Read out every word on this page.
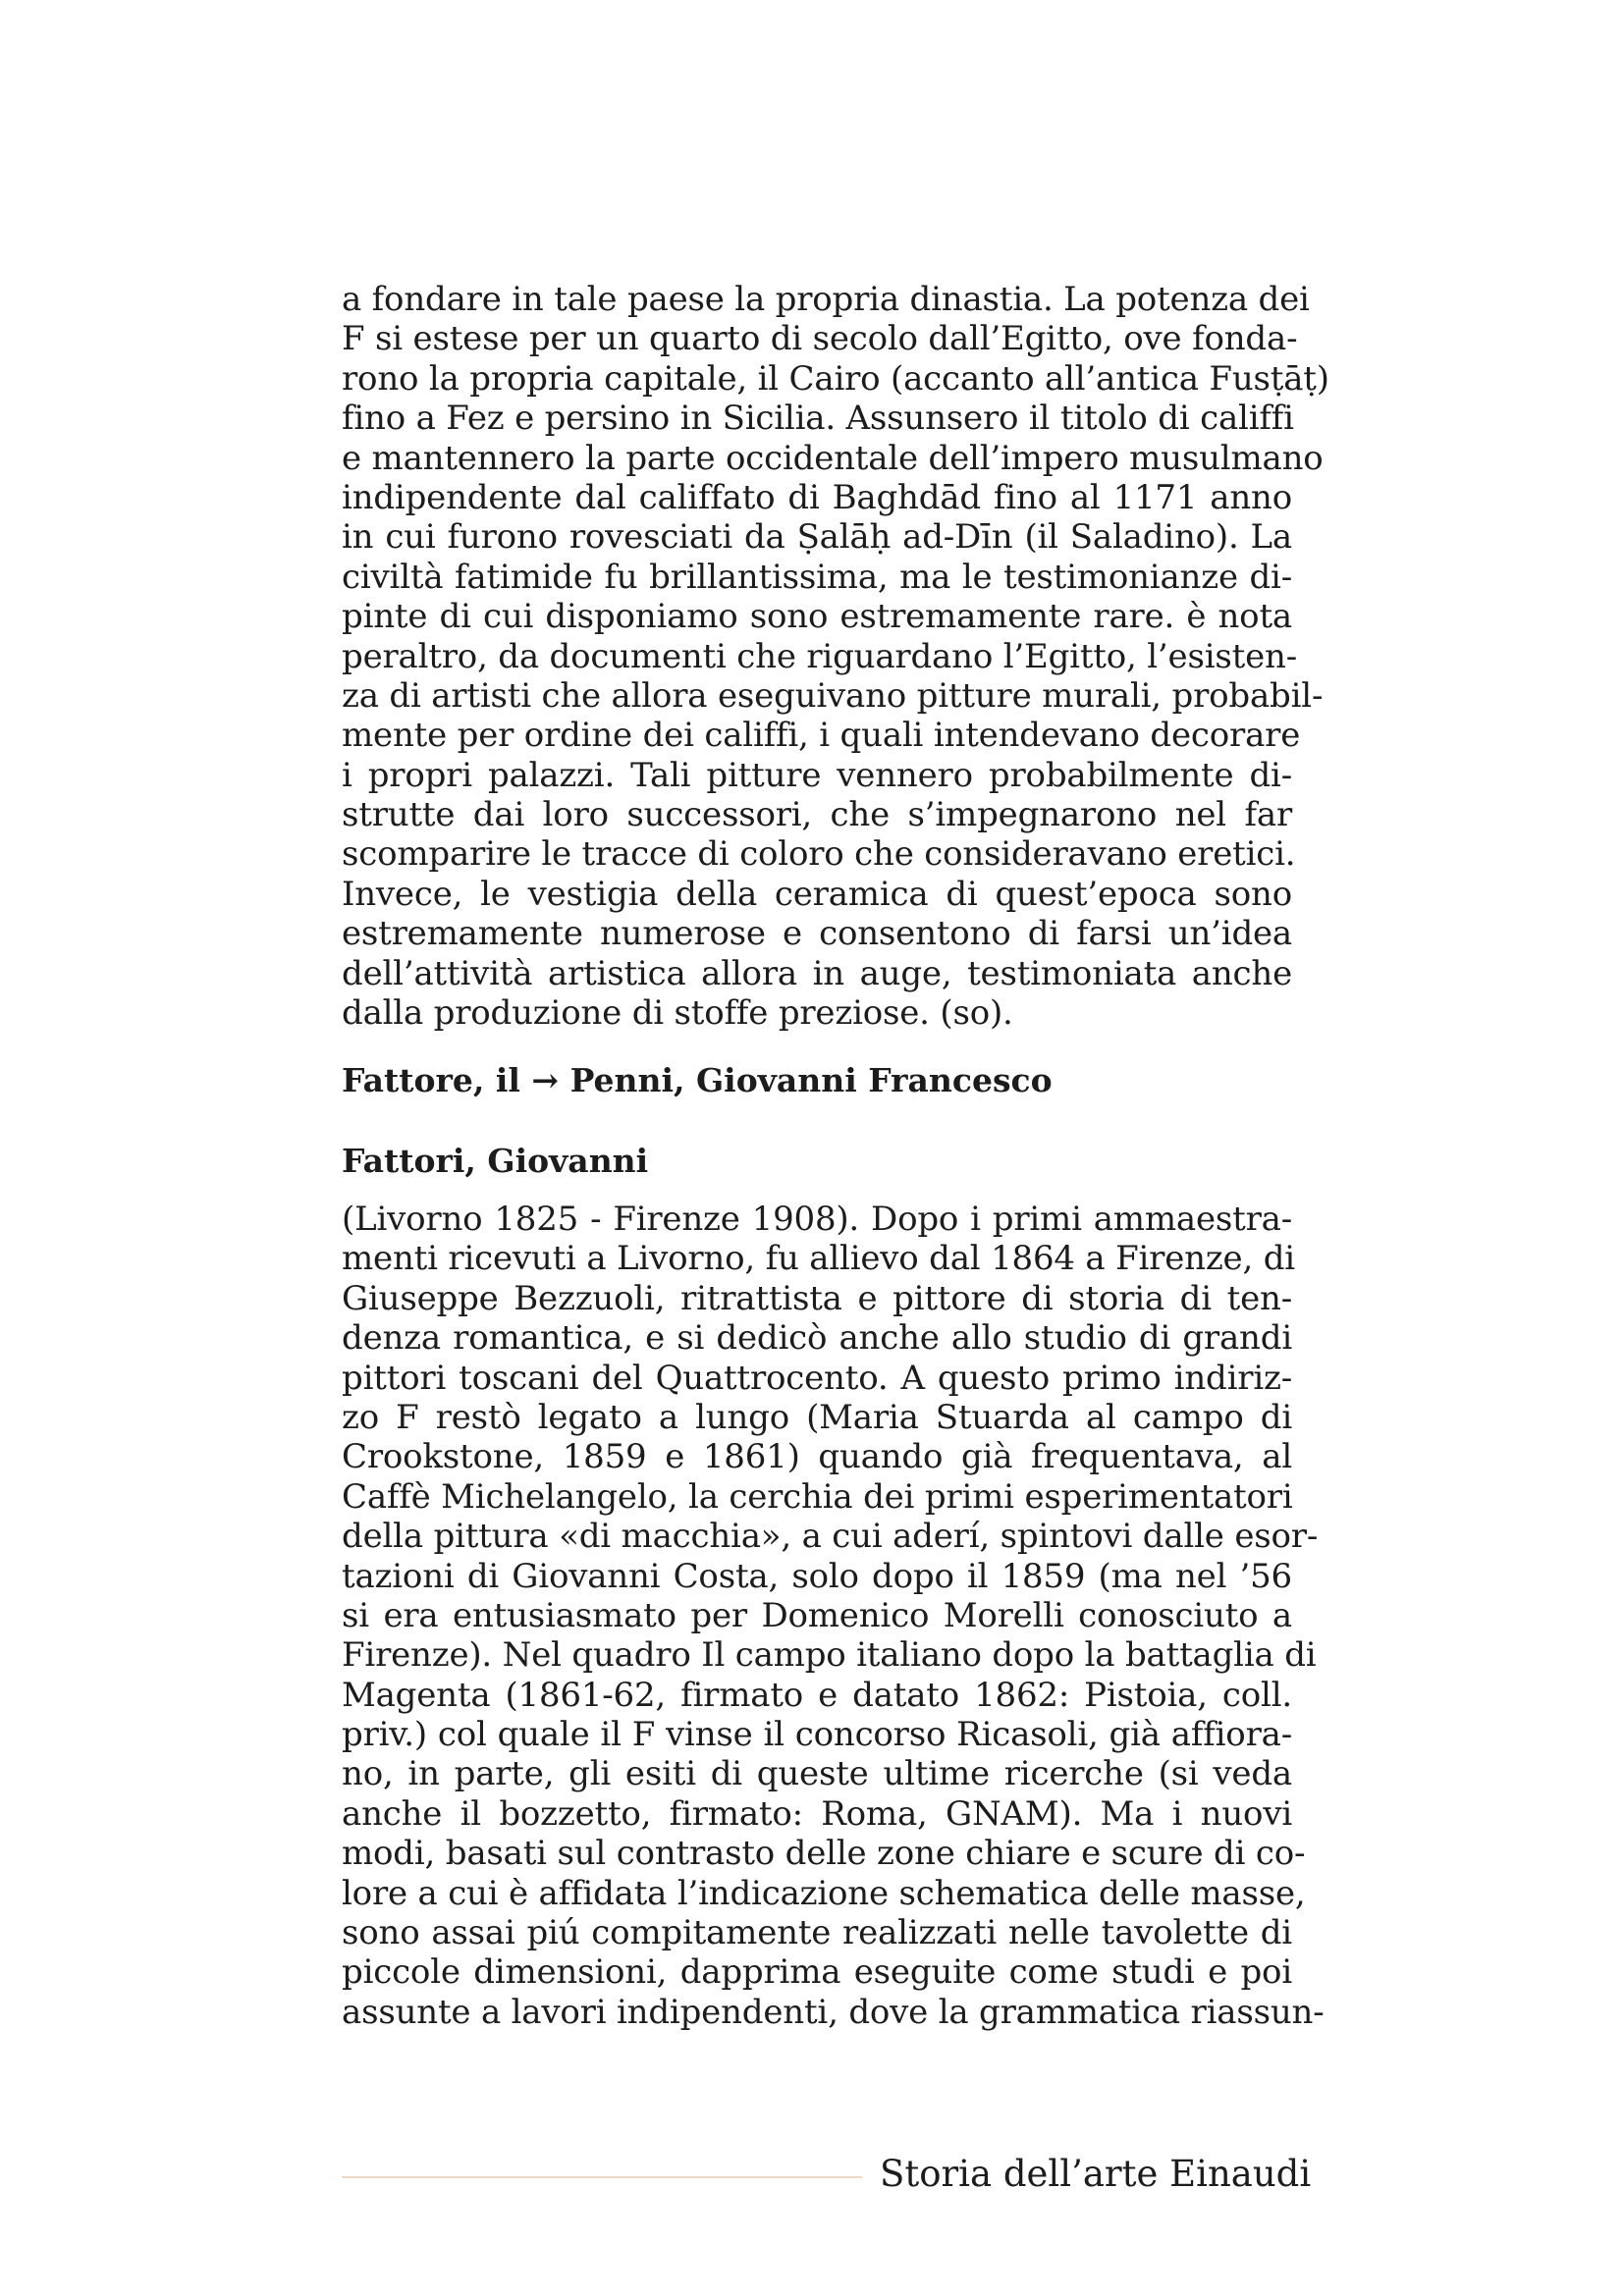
a fondare in tale paese la propria dinastia. La potenza dei
F si estese per un quarto di secolo dall’Egitto, ove fonda-
rono la propria capitale, il Cairo (accanto all’antica Fusṭāṭ)
fino a Fez e persino in Sicilia. Assunsero il titolo di califfi
e mantennero la parte occidentale dell’impero musulmano
indipendente dal califfato di Baghdād fino al 1171 anno
in cui furono rovesciati da Ṣalāḥ ad-Dīn (il Saladino). La
civiltà fatimide fu brillantissima, ma le testimonianze di-
pinte di cui disponiamo sono estremamente rare. è nota
peraltro, da documenti che riguardano l’Egitto, l’esisten-
za di artisti che allora eseguivano pitture murali, probabil-
mente per ordine dei califfi, i quali intendevano decorare
i propri palazzi. Tali pitture vennero probabilmente di-
strutte dai loro successori, che s’impegnarono nel far
scomparire le tracce di coloro che consideravano eretici.
Invece, le vestigia della ceramica di quest’epoca sono
estremamente numerose e consentono di farsi un’idea
dell’attività artistica allora in auge, testimoniata anche
dalla produzione di stoffe preziose. (so).
Fattore, il → Penni, Giovanni Francesco
Fattori, Giovanni
(Livorno 1825 - Firenze 1908). Dopo i primi ammaestra-
menti ricevuti a Livorno, fu allievo dal 1864 a Firenze, di
Giuseppe Bezzuoli, ritrattista e pittore di storia di ten-
denza romantica, e si dedicò anche allo studio di grandi
pittori toscani del Quattrocento. A questo primo indiriz-
zo F restò legato a lungo (Maria Stuarda al campo di
Crookstone, 1859 e 1861) quando già frequentava, al
Caffè Michelangelo, la cerchia dei primi esperimentatori
della pittura «di macchia», a cui aderí, spintovi dalle esor-
tazioni di Giovanni Costa, solo dopo il 1859 (ma nel ’56
si era entusiasmato per Domenico Morelli conosciuto a
Firenze). Nel quadro Il campo italiano dopo la battaglia di
Magenta (1861-62, firmato e datato 1862: Pistoia, coll.
priv.) col quale il F vinse il concorso Ricasoli, già affiora-
no, in parte, gli esiti di queste ultime ricerche (si veda
anche il bozzetto, firmato: Roma, GNAM). Ma i nuovi
modi, basati sul contrasto delle zone chiare e scure di co-
lore a cui è affidata l’indicazione schematica delle masse,
sono assai piú compitamente realizzati nelle tavolette di
piccole dimensioni, dapprima eseguite come studi e poi
assunte a lavori indipendenti, dove la grammatica riassun-
Storia dell’arte Einaudi
